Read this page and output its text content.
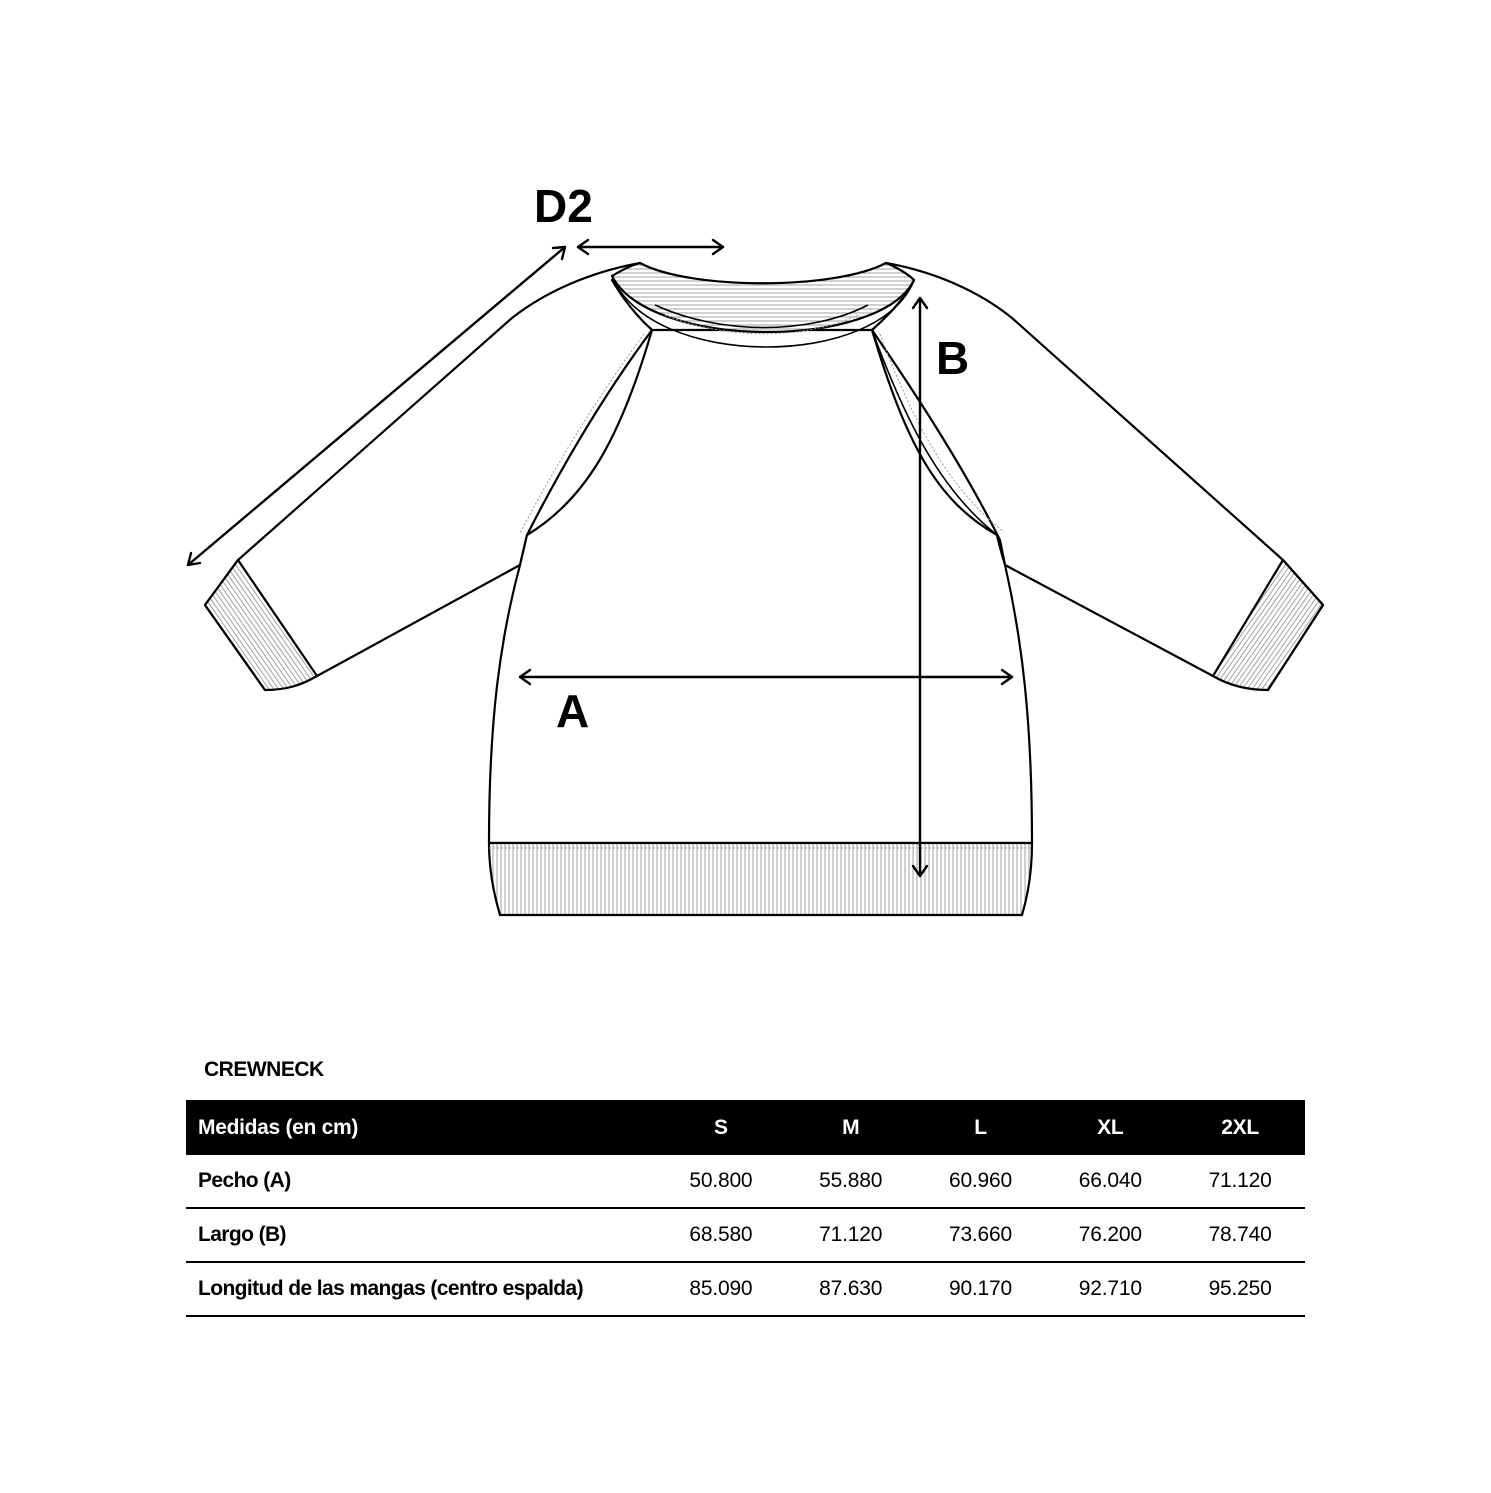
D2
B
A
CREWNECK
Medidas (en cm)	S	M	L	XL	2XL
Pecho (A)	50.800	55.880	60.960	66.040	71.120
Largo (B)	68.580	71.120	73.660	76.200	78.740
Longitud de las mangas (centro espalda)	85.090	87.630	90.170	92.710	95.250
